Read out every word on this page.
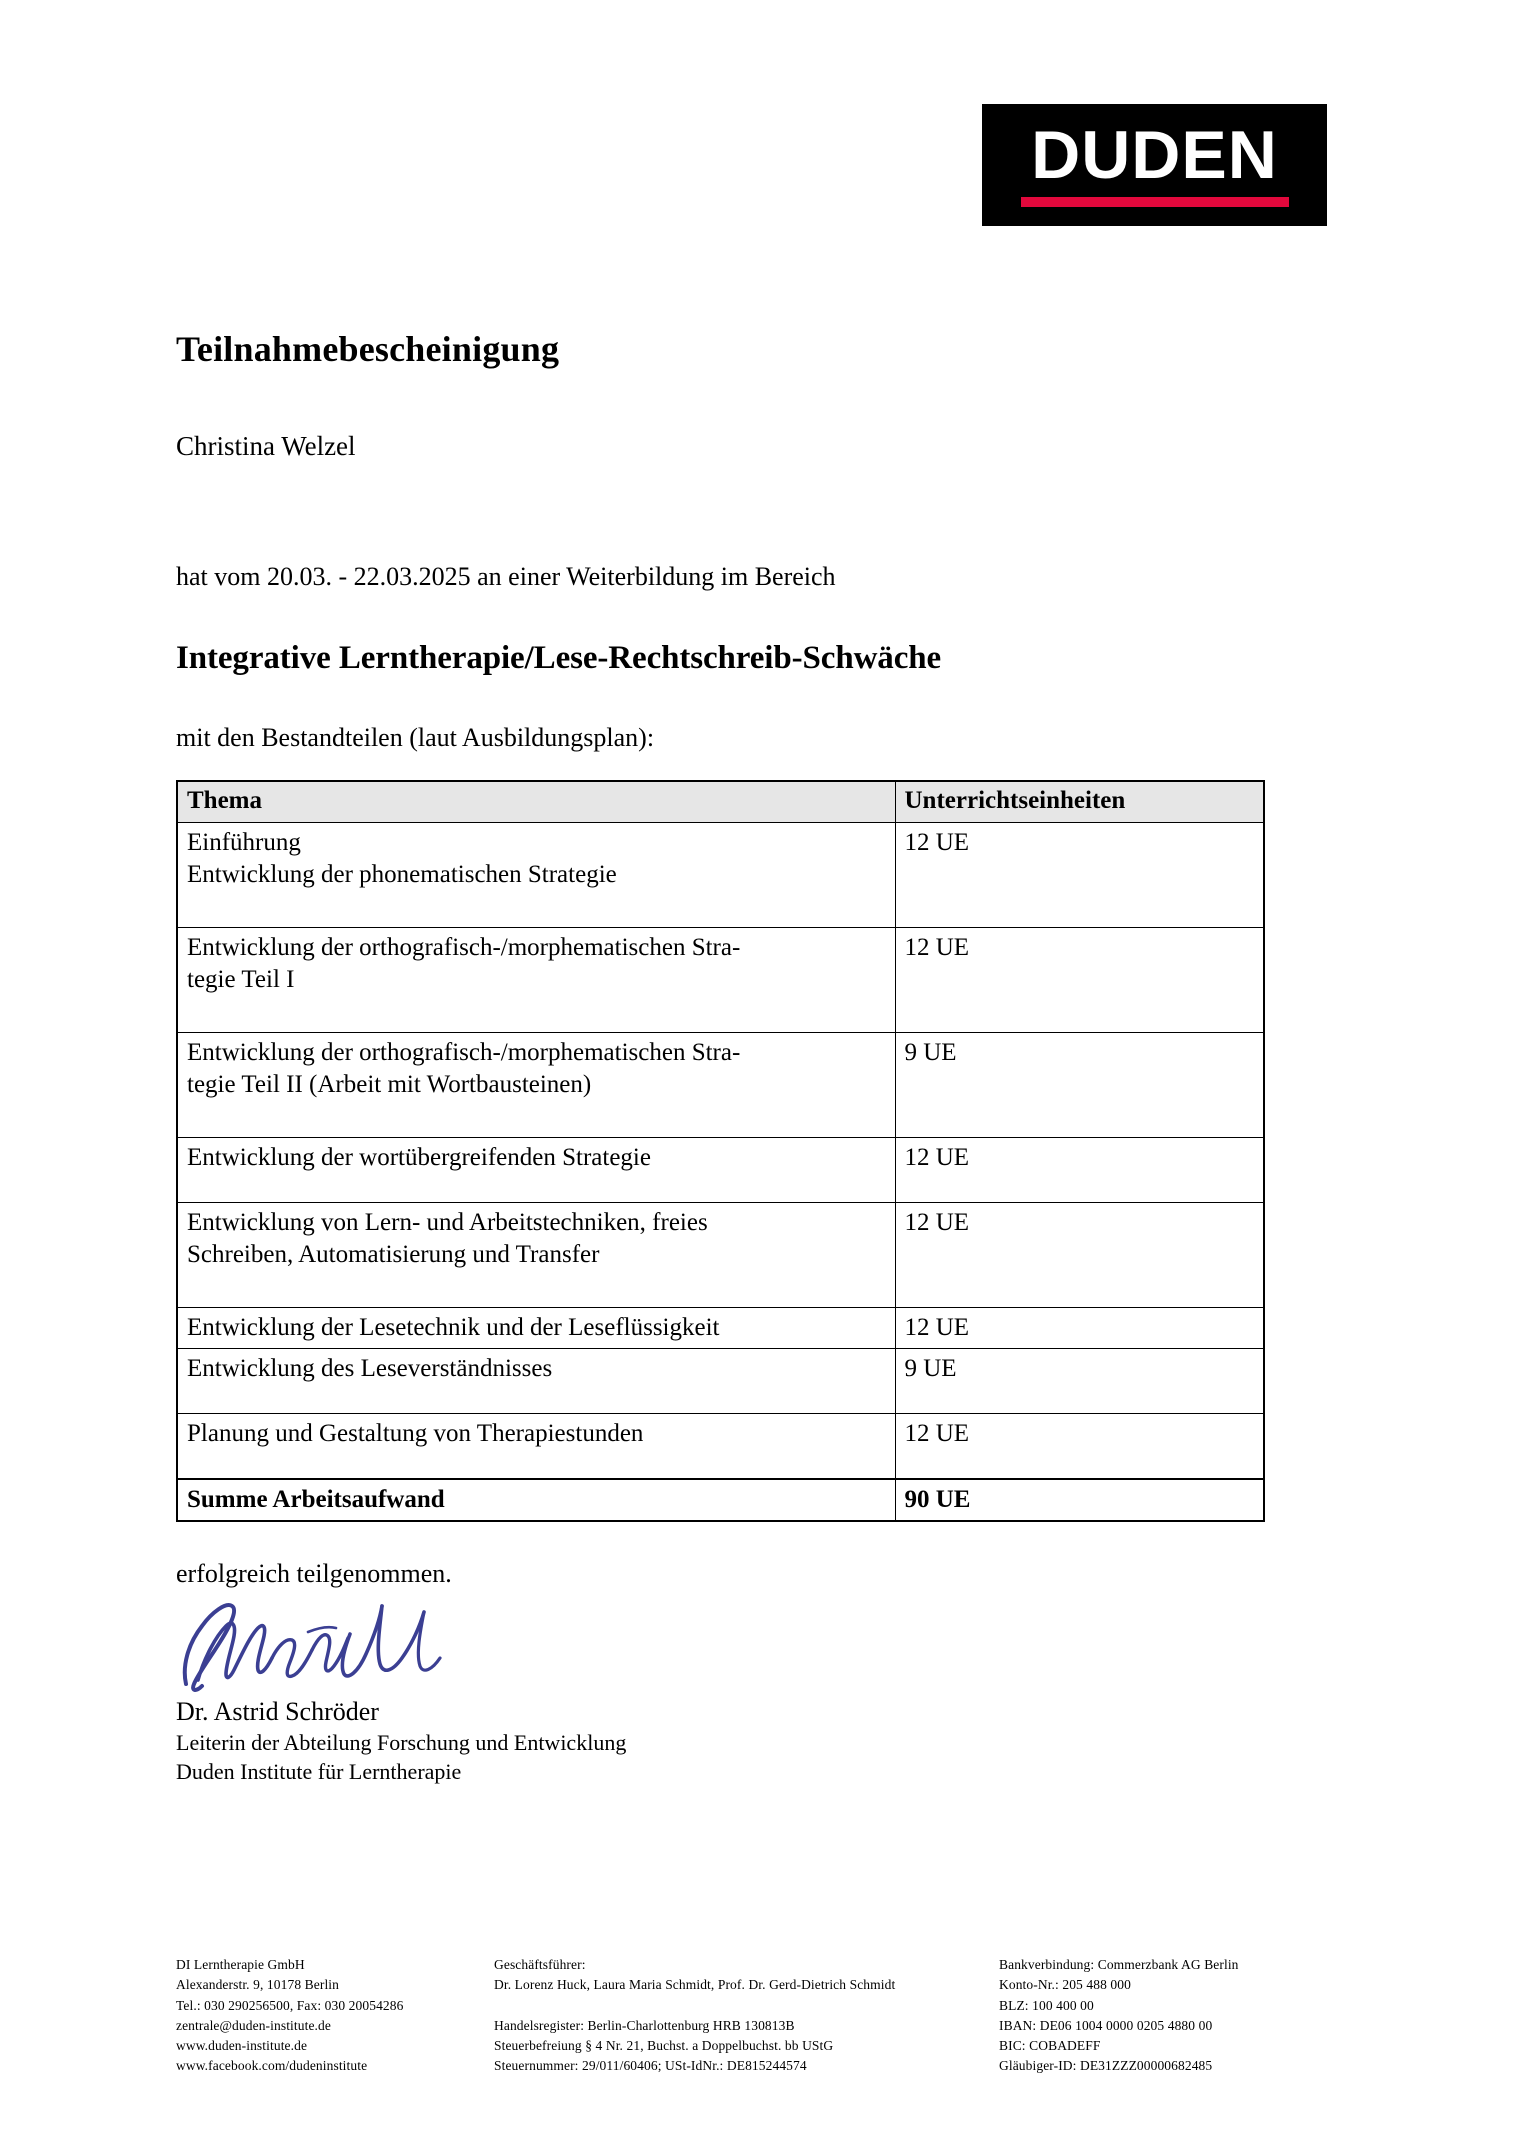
DUDEN
Teilnahmebescheinigung

Christina Welzel

hat vom 20.03. - 22.03.2025 an einer Weiterbildung im Bereich

Integrative Lerntherapie/Lese-Rechtschreib-Schwäche

mit den Bestandteilen (laut Ausbildungsplan):

Thema	Unterrichtseinheiten

Einführung
Entwicklung der phonematischen Strategie	12 UE

Entwicklung der orthografisch-/morphematischen Stra-
tegie Teil I	12 UE

Entwicklung der orthografisch-/morphematischen Stra-
tegie Teil II (Arbeit mit Wortbausteinen)	9 UE

Entwicklung der wortübergreifenden Strategie	12 UE

Entwicklung von Lern- und Arbeitstechniken, freies
Schreiben, Automatisierung und Transfer	12 UE

Entwicklung der Lesetechnik und der Leseflüssigkeit	12 UE

Entwicklung des Leseverständnisses	9 UE

Planung und Gestaltung von Therapiestunden	12 UE

Summe Arbeitsaufwand	90 UE

erfolgreich teilgenommen.

Dr. Astrid Schröder

Leiterin der Abteilung Forschung und Entwicklung

Duden Institute für Lerntherapie

DI Lerntherapie GmbH

Alexanderstr. 9, 10178 Berlin

Tel.: 030 290256500, Fax: 030 20054286

zentrale@duden-institute.de

www.duden-institute.de

www.facebook.com/dudeninstitute

Geschäftsführer:

Dr. Lorenz Huck, Laura Maria Schmidt, Prof. Dr. Gerd-Dietrich Schmidt

Handelsregister: Berlin-Charlottenburg HRB 130813B

Steuerbefreiung § 4 Nr. 21, Buchst. a Doppelbuchst. bb UStG

Steuernummer: 29/011/60406; USt-IdNr.: DE815244574

Bankverbindung: Commerzbank AG Berlin

Konto-Nr.: 205 488 000

BLZ: 100 400 00

IBAN: DE06 1004 0000 0205 4880 00

BIC: COBADEFF

Gläubiger-ID: DE31ZZZ00000682485
